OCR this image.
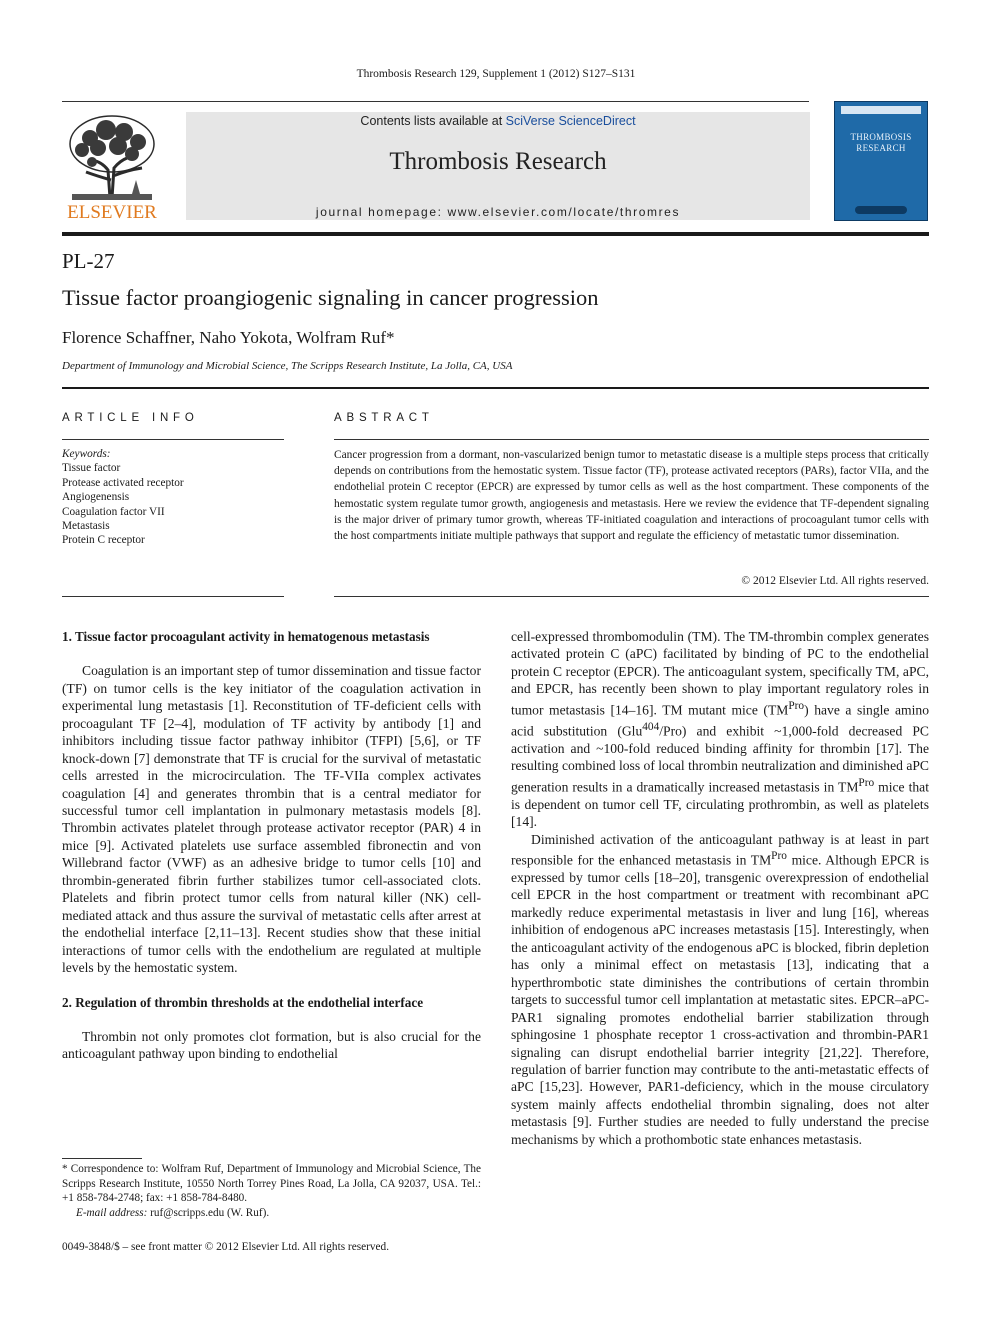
Thrombosis Research 129, Supplement 1 (2012) S127–S131
ELSEVIER
Contents lists available at SciVerse ScienceDirect
Thrombosis Research
journal homepage: www.elsevier.com/locate/thromres
THROMBOSIS
RESEARCH
PL-27
Tissue factor proangiogenic signaling in cancer progression
Florence Schaffner, Naho Yokota, Wolfram Ruf*
Department of Immunology and Microbial Science, The Scripps Research Institute, La Jolla, CA, USA
ARTICLE INFO	ABSTRACT
Keywords:
Tissue factor
Protease activated receptor
Angiogenensis
Coagulation factor VII
Metastasis
Protein C receptor
Cancer progression from a dormant, non-vascularized benign tumor to metastatic disease is a multiple steps process that critically depends on contributions from the hemostatic system. Tissue factor (TF), protease activated receptors (PARs), factor VIIa, and the endothelial protein C receptor (EPCR) are expressed by tumor cells as well as the host compartment. These components of the hemostatic system regulate tumor growth, angiogenesis and metastasis. Here we review the evidence that TF-dependent signaling is the major driver of primary tumor growth, whereas TF-initiated coagulation and interactions of procoagulant tumor cells with the host compartments initiate multiple pathways that support and regulate the efficiency of metastatic tumor dissemination.
© 2012 Elsevier Ltd. All rights reserved.
1. Tissue factor procoagulant activity in hematogenous metastasis

Coagulation is an important step of tumor dissemination and tissue factor (TF) on tumor cells is the key initiator of the coagulation activation in experimental lung metastasis [1]. Reconstitution of TF-deficient cells with procoagulant TF [2–4], modulation of TF activity by antibody [1] and inhibitors including tissue factor pathway inhibitor (TFPI) [5,6], or TF knock-down [7] demonstrate that TF is crucial for the survival of metastatic cells arrested in the microcirculation. The TF-VIIa complex activates coagulation [4] and generates thrombin that is a central mediator for successful tumor cell implantation in pulmonary metastasis models [8]. Thrombin activates platelet through protease activator receptor (PAR) 4 in mice [9]. Activated platelets use surface assembled fibronectin and von Willebrand factor (VWF) as an adhesive bridge to tumor cells [10] and thrombin-generated fibrin further stabilizes tumor cell-associated clots. Platelets and fibrin protect tumor cells from natural killer (NK) cell-mediated attack and thus assure the survival of metastatic cells after arrest at the endothelial interface [2,11–13]. Recent studies show that these initial interactions of tumor cells with the endothelium are regulated at multiple levels by the hemostatic system.

2. Regulation of thrombin thresholds at the endothelial interface

Thrombin not only promotes clot formation, but is also crucial for the anticoagulant pathway upon binding to endothelial

cell-expressed thrombomodulin (TM). The TM-thrombin complex generates activated protein C (aPC) facilitated by binding of PC to the endothelial protein C receptor (EPCR). The anticoagulant system, specifically TM, aPC, and EPCR, has recently been shown to play important regulatory roles in tumor metastasis [14–16]. TM mutant mice $(TM^{Pro})$ have a single amino acid substitution (Glu$^{404}$/Pro) and exhibit ~1,000-fold decreased PC activation and ~100-fold reduced binding affinity for thrombin [17]. The resulting combined loss of local thrombin neutralization and diminished aPC generation results in a dramatically increased metastasis in $TM^{Pro}$ mice that is dependent on tumor cell TF, circulating prothrombin, as well as platelets [14].

Diminished activation of the anticoagulant pathway is at least in part responsible for the enhanced metastasis in $TM^{Pro}$ mice. Although EPCR is expressed by tumor cells [18–20], transgenic overexpression of endothelial cell EPCR in the host compartment or treatment with recombinant aPC markedly reduce experimental metastasis in liver and lung [16], whereas inhibition of endogenous aPC increases metastasis [15]. Interestingly, when the anticoagulant activity of the endogenous aPC is blocked, fibrin depletion has only a minimal effect on metastasis [13], indicating that a hyperthrombotic state diminishes the contributions of certain thrombin targets to successful tumor cell implantation at metastatic sites. EPCR–aPC-PAR1 signaling promotes endothelial barrier stabilization through sphingosine 1 phosphate receptor 1 cross-activation and thrombin-PAR1 signaling can disrupt endothelial barrier integrity [21,22]. Therefore, regulation of barrier function may contribute to the anti-metastatic effects of aPC [15,23]. However, PAR1-deficiency, which in the mouse circulatory system mainly affects endothelial thrombin signaling, does not alter metastasis [9]. Further studies are needed to fully understand the precise mechanisms by which a prothombotic state enhances metastasis.

* Correspondence to: Wolfram Ruf, Department of Immunology and Microbial Science, The Scripps Research Institute, 10550 North Torrey Pines Road, La Jolla, CA 92037, USA. Tel.: +1 858-784-2748; fax: +1 858-784-8480.
E-mail address: ruf@scripps.edu (W. Ruf).
0049-3848/$ – see front matter © 2012 Elsevier Ltd. All rights reserved.
